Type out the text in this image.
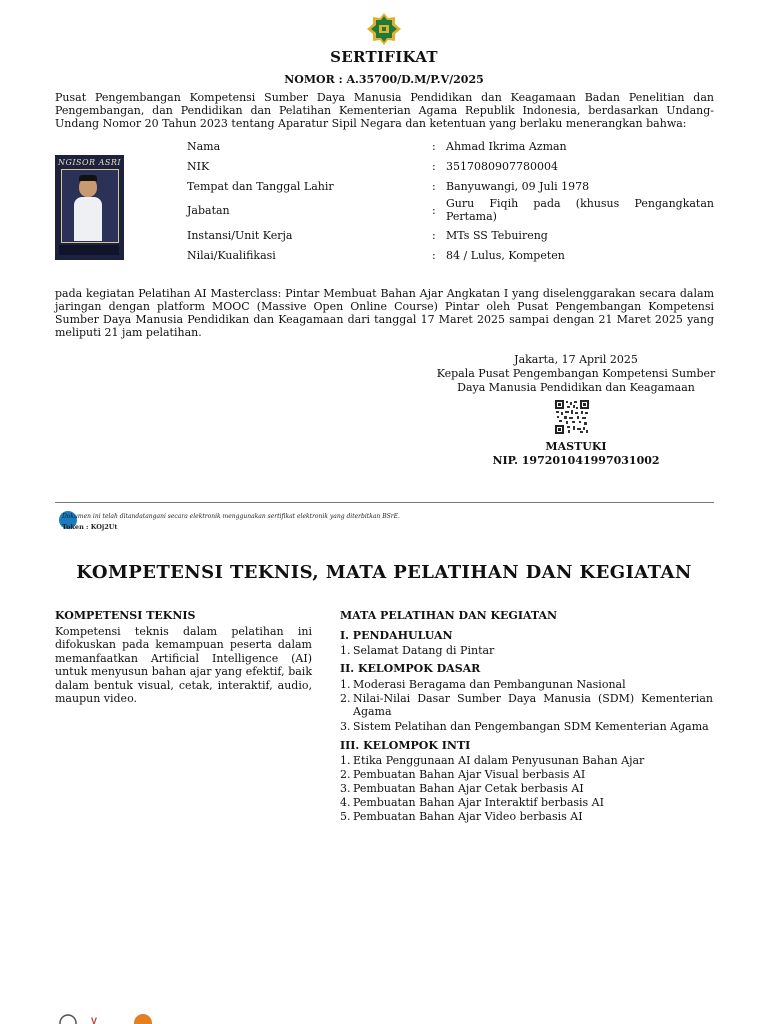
SERTIFIKAT
NOMOR : A.35700/D.M/P.V/2025
Pusat Pengembangan Kompetensi Sumber Daya Manusia Pendidikan dan Keagamaan Badan Penelitian dan Pengembangan, dan Pendidikan dan Pelatihan Kementerian Agama Republik Indonesia, berdasarkan Undang-Undang Nomor 20 Tahun 2023 tentang Aparatur Sipil Negara dan ketentuan yang berlaku menerangkan bahwa:
NGISOR ASRI
Nama	: Ahmad Ikrima Azman
NIK	: 3517080907780004
Tempat dan Tanggal Lahir	: Banyuwangi, 09 Juli 1978
Jabatan	:
Guru Fiqih pada (khusus Pengangkatan Pertama)
Instansi/Unit Kerja	: MTs SS Tebuireng
Nilai/Kualifikasi	: 84 / Lulus, Kompeten
pada kegiatan Pelatihan AI Masterclass: Pintar Membuat Bahan Ajar Angkatan I yang diselenggarakan secara dalam jaringan dengan platform MOOC (Massive Open Online Course) Pintar oleh Pusat Pengembangan Kompetensi Sumber Daya Manusia Pendidikan dan Keagamaan dari tanggal 17 Maret 2025 sampai dengan 21 Maret 2025 yang meliputi 21 jam pelatihan.
Jakarta, 17 April 2025
Kepala Pusat Pengembangan Kompetensi Sumber
Daya Manusia Pendidikan dan Keagamaan
MASTUKI
NIP. 197201041997031002
Dokumen ini telah ditandatangani secara elektronik menggunakan sertifikat elektronik yang diterbitkan BSrE.
Token : KOj2Ut
KOMPETENSI TEKNIS, MATA PELATIHAN DAN KEGIATAN
KOMPETENSI TEKNIS
Kompetensi teknis dalam pelatihan ini difokuskan pada kemampuan peserta dalam memanfaatkan Artificial Intelligence (AI) untuk menyusun bahan ajar yang efektif, baik dalam bentuk visual, cetak, interaktif, audio, maupun video.
MATA PELATIHAN DAN KEGIATAN
I. PENDAHULUAN
1. Selamat Datang di Pintar
II. KELOMPOK DASAR
1. Moderasi Beragama dan Pembangunan Nasional
2. Nilai-Nilai Dasar Sumber Daya Manusia (SDM) Kementerian Agama
3. Sistem Pelatihan dan Pengembangan SDM Kementerian Agama
III. KELOMPOK INTI
1. Etika Penggunaan AI dalam Penyusunan Bahan Ajar
2. Pembuatan Bahan Ajar Visual berbasis AI
3. Pembuatan Bahan Ajar Cetak berbasis AI
4. Pembuatan Bahan Ajar Interaktif berbasis AI
5. Pembuatan Bahan Ajar Video berbasis AI
V
